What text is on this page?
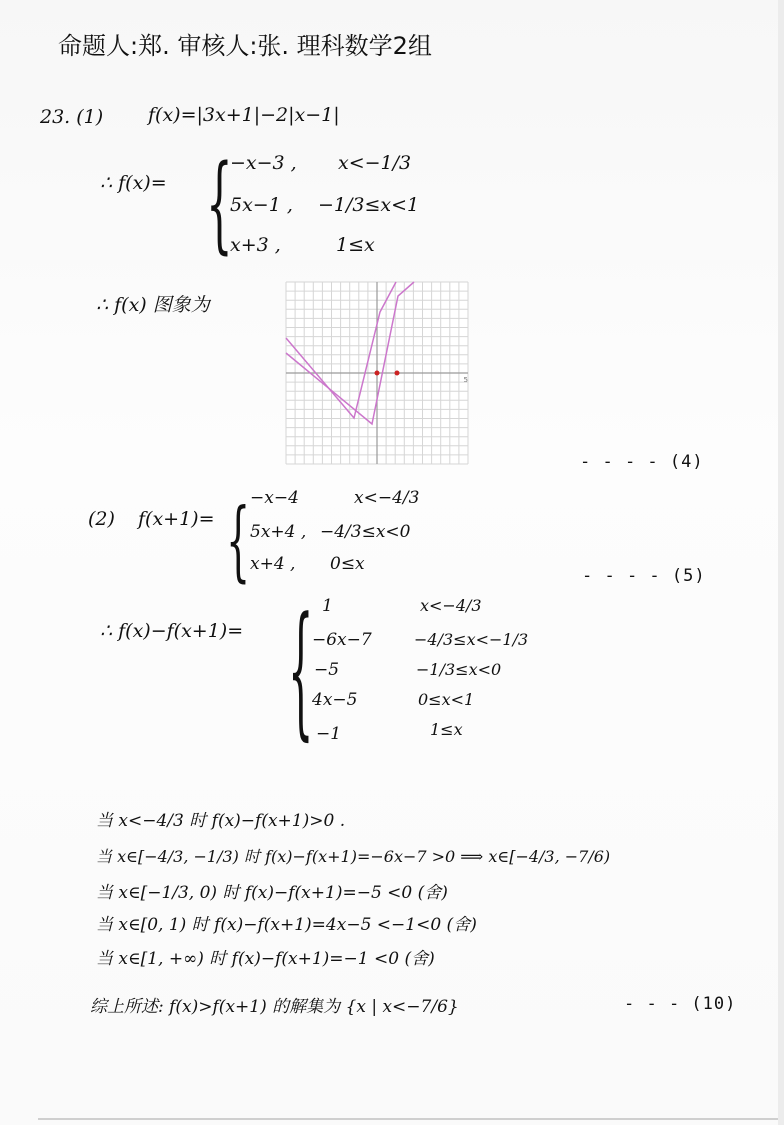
命题人:郑. 审核人:张. 理科数学2组
23. (1) f(x)=|3x+1|−2|x−1|
∴ f(x)= {
−x−3 , x<−1/3
5x−1 , −1/3≤x<1
x+3 ,	1≤x
∴ f(x) 图象为
5
- - - - (4)
(2) f(x+1)= { −x−4	x<−4/3
5x+4 , −4/3≤x<0
x+4 , 0≤x
- - - - (5)
∴ f(x)−f(x+1)= { 1	x<−4/3
−6x−7	−4/3≤x<−1/3
−5	−1/3≤x<0
4x−5	0≤x<1
−1	1≤x
当 x<−4/3 时 f(x)−f(x+1)>0 .
当 x∈[−4/3, −1/3) 时 f(x)−f(x+1)=−6x−7 >0 ⟹ x∈[−4/3, −7/6)
当 x∈[−1/3, 0) 时 f(x)−f(x+1)=−5 <0 (舍)
当 x∈[0, 1) 时 f(x)−f(x+1)=4x−5 <−1<0 (舍)
当 x∈[1, +∞) 时 f(x)−f(x+1)=−1 <0 (舍)
综上所述: f(x)>f(x+1) 的解集为 {x | x<−7/6}	- - - (10)
